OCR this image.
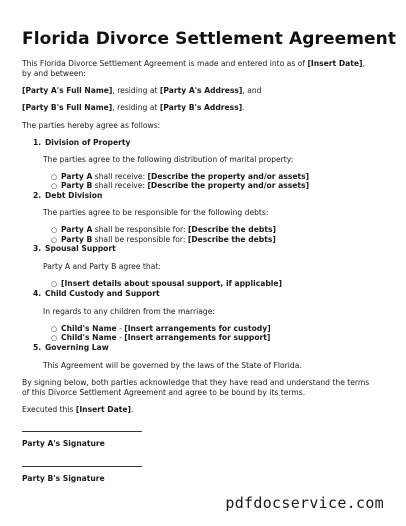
Florida Divorce Settlement Agreement
This Florida Divorce Settlement Agreement is made and entered into as of [Insert Date],
by and between:
[Party A's Full Name], residing at [Party A's Address], and
[Party B's Full Name], residing at [Party B's Address].
The parties hereby agree as follows:
1. Division of Property
The parties agree to the following distribution of marital property:
○ Party A shall receive: [Describe the property and/or assets]
○ Party B shall receive: [Describe the property and/or assets]
2. Debt Division
The parties agree to be responsible for the following debts:
○ Party A shall be responsible for: [Describe the debts]
○ Party B shall be responsible for: [Describe the debts]
3. Spousal Support
Party A and Party B agree that:
○ [Insert details about spousal support, if applicable]
4. Child Custody and Support
In regards to any children from the marriage:
○ Child's Name - [Insert arrangements for custody]
○ Child's Name - [Insert arrangements for support]
5. Governing Law
This Agreement will be governed by the laws of the State of Florida.
By signing below, both parties acknowledge that they have read and understand the terms
of this Divorce Settlement Agreement and agree to be bound by its terms.
Executed this [Insert Date].
Party A's Signature
Party B's Signature
pdfdocservice.com
